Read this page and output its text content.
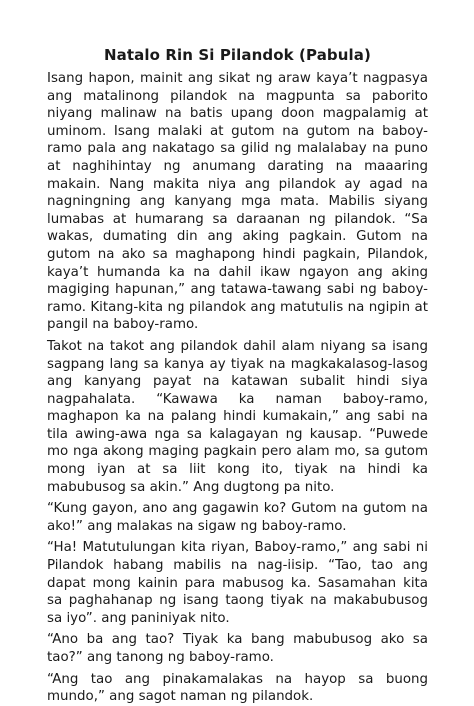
Natalo Rin Si Pilandok (Pabula)

Isang hapon, mainit ang sikat ng araw kaya’t nagpasya ang matalinong pilandok na magpunta sa paborito niyang malinaw na batis upang doon magpalamig at uminom. Isang malaki at gutom na gutom na baboy-ramo pala ang nakatago sa gilid ng malalabay na puno at naghihintay ng anumang darating na maaaring makain. Nang makita niya ang pilandok ay agad na nagningning ang kanyang mga mata. Mabilis siyang lumabas at humarang sa daraanan ng pilandok. “Sa wakas, dumating din ang aking pagkain. Gutom na gutom na ako sa maghapong hindi pagkain, Pilandok, kaya’t humanda ka na dahil ikaw ngayon ang aking magiging hapunan,” ang tatawa-tawang sabi ng baboy-ramo. Kitang-kita ng pilandok ang matutulis na ngipin at pangil na baboy-ramo.

Takot na takot ang pilandok dahil alam niyang sa isang sagpang lang sa kanya ay tiyak na magkakalasog-lasog ang kanyang payat na katawan subalit hindi siya nagpahalata. “Kawawa ka naman baboy-ramo, maghapon ka na palang hindi kumakain,” ang sabi na tila awing-awa nga sa kalagayan ng kausap. “Puwede mo nga akong maging pagkain pero alam mo, sa gutom mong iyan at sa liit kong ito, tiyak na hindi ka mabubusog sa akin.” Ang dugtong pa nito.

“Kung gayon, ano ang gagawin ko? Gutom na gutom na ako!” ang malakas na sigaw ng baboy-ramo.

“Ha! Matutulungan kita riyan, Baboy-ramo,” ang sabi ni Pilandok habang mabilis na nag-iisip. “Tao, tao ang dapat mong kainin para mabusog ka. Sasamahan kita sa paghahanap ng isang taong tiyak na makabubusog sa iyo”. ang paniniyak nito.

“Ano ba ang tao? Tiyak ka bang mabubusog ako sa tao?” ang tanong ng baboy-ramo.

“Ang tao ang pinakamalakas na hayop sa buong mundo,” ang sagot naman ng pilandok.
